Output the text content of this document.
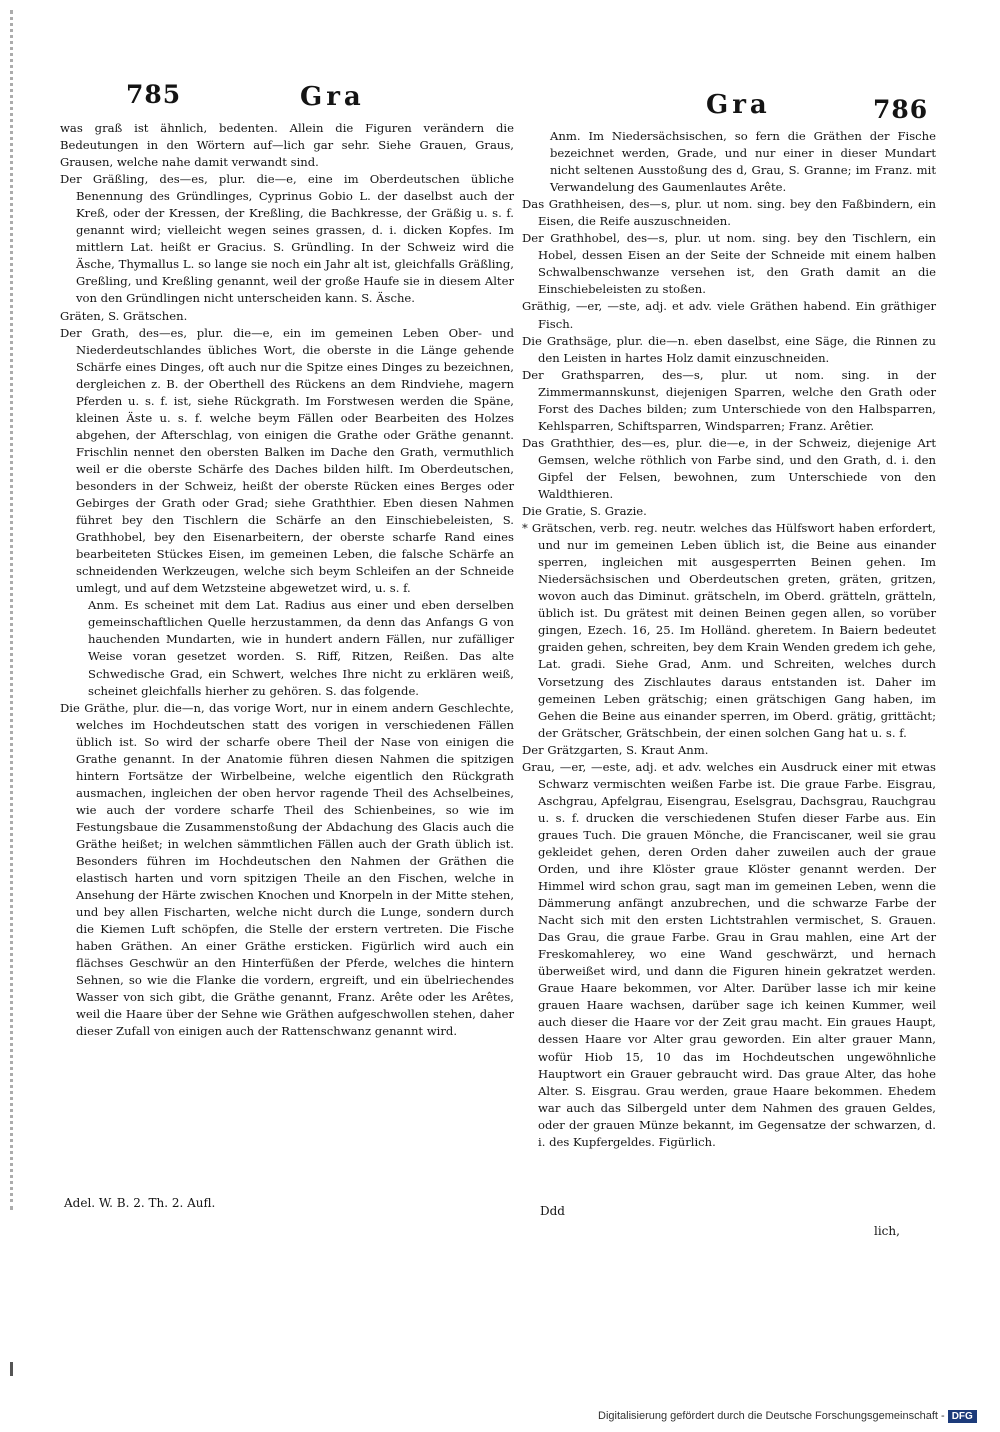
785	Gra	Gra	786

was graß ist ähnlich, bedenten. Allein die Figuren verändern die Bedeutungen in den Wörtern auf—lich gar sehr. Siehe Grauen, Graus, Grausen, welche nahe damit verwandt sind.

Der Gräßling, des—es, plur. die—e, eine im Oberdeutschen übliche Benennung des Gründlinges, Cyprinus Gobio L. der daselbst auch der Kreß, oder der Kressen, der Kreßling, die Bachkresse, der Gräßig u. s. f. genannt wird; vielleicht wegen seines grassen, d. i. dicken Kopfes. Im mittlern Lat. heißt er Gracius. S. Gründling. In der Schweiz wird die Äsche, Thymallus L. so lange sie noch ein Jahr alt ist, gleichfalls Gräßling, Greßling, und Kreßling genannt, weil der große Haufe sie in diesem Alter von den Gründlingen nicht unterscheiden kann. S. Äsche.

Gräten, S. Grätschen.

Der Grath, des—es, plur. die—e, ein im gemeinen Leben Ober- und Niederdeutschlandes übliches Wort, die oberste in die Länge gehende Schärfe eines Dinges, oft auch nur die Spitze eines Dinges zu bezeichnen, dergleichen z. B. der Oberthell des Rückens an dem Rindviehe, magern Pferden u. s. f. ist, siehe Rückgrath. Im Forstwesen werden die Späne, kleinen Äste u. s. f. welche beym Fällen oder Bearbeiten des Holzes abgehen, der Afterschlag, von einigen die Grathe oder Gräthe genannt. Frischlin nennet den obersten Balken im Dache den Grath, vermuthlich weil er die oberste Schärfe des Daches bilden hilft. Im Oberdeutschen, besonders in der Schweiz, heißt der oberste Rücken eines Berges oder Gebirges der Grath oder Grad; siehe Graththier. Eben diesen Nahmen führet bey den Tischlern die Schärfe an den Einschiebeleisten, S. Grathhobel, bey den Eisenarbeitern, der oberste scharfe Rand eines bearbeiteten Stückes Eisen, im gemeinen Leben, die falsche Schärfe an schneidenden Werkzeugen, welche sich beym Schleifen an der Schneide umlegt, und auf dem Wetzsteine abgewetzet wird, u. s. f.

Anm. Es scheinet mit dem Lat. Radius aus einer und eben derselben gemeinschaftlichen Quelle herzustammen, da denn das Anfangs G von hauchenden Mundarten, wie in hundert andern Fällen, nur zufälliger Weise voran gesetzet worden. S. Riff, Ritzen, Reißen. Das alte Schwedische Grad, ein Schwert, welches Ihre nicht zu erklären weiß, scheinet gleichfalls hierher zu gehören. S. das folgende.

Die Gräthe, plur. die—n, das vorige Wort, nur in einem andern Geschlechte, welches im Hochdeutschen statt des vorigen in verschiedenen Fällen üblich ist. So wird der scharfe obere Theil der Nase von einigen die Grathe genannt. In der Anatomie führen diesen Nahmen die spitzigen hintern Fortsätze der Wirbelbeine, welche eigentlich den Rückgrath ausmachen, ingleichen der oben hervor ragende Theil des Achselbeines, wie auch der vordere scharfe Theil des Schienbeines, so wie im Festungsbaue die Zusammenstoßung der Abdachung des Glacis auch die Gräthe heißet; in welchen sämmtlichen Fällen auch der Grath üblich ist. Besonders führen im Hochdeutschen den Nahmen der Gräthen die elastisch harten und vorn spitzigen Theile an den Fischen, welche in Ansehung der Härte zwischen Knochen und Knorpeln in der Mitte stehen, und bey allen Fischarten, welche nicht durch die Lunge, sondern durch die Kiemen Luft schöpfen, die Stelle der erstern vertreten. Die Fische haben Gräthen. An einer Gräthe ersticken. Figürlich wird auch ein flächses Geschwür an den Hinterfüßen der Pferde, welches die hintern Sehnen, so wie die Flanke die vordern, ergreift, und ein übelriechendes Wasser von sich gibt, die Gräthe genannt, Franz. Arête oder les Arêtes, weil die Haare über der Sehne wie Gräthen aufgeschwollen stehen, daher dieser Zufall von einigen auch der Rattenschwanz genannt wird.

Adel. W. B. 2. Th. 2. Aufl.

Anm. Im Niedersächsischen, so fern die Gräthen der Fische bezeichnet werden, Grade, und nur einer in dieser Mundart nicht seltenen Ausstoßung des d, Grau, S. Granne; im Franz. mit Verwandelung des Gaumenlautes Arête.

Das Grathheisen, des—s, plur. ut nom. sing. bey den Faßbindern, ein Eisen, die Reife auszuschneiden.

Der Grathhobel, des—s, plur. ut nom. sing. bey den Tischlern, ein Hobel, dessen Eisen an der Seite der Schneide mit einem halben Schwalbenschwanze versehen ist, den Grath damit an die Einschiebeleisten zu stoßen.

Gräthig, —er, —ste, adj. et adv. viele Gräthen habend. Ein gräthiger Fisch.

Die Grathsäge, plur. die—n. eben daselbst, eine Säge, die Rinnen zu den Leisten in hartes Holz damit einzuschneiden.

Der Grathsparren, des—s, plur. ut nom. sing. in der Zimmermannskunst, diejenigen Sparren, welche den Grath oder Forst des Daches bilden; zum Unterschiede von den Halbsparren, Kehlsparren, Schiftsparren, Windsparren; Franz. Arêtier.

Das Graththier, des—es, plur. die—e, in der Schweiz, diejenige Art Gemsen, welche röthlich von Farbe sind, und den Grath, d. i. den Gipfel der Felsen, bewohnen, zum Unterschiede von den Waldthieren.

Die Gratie, S. Grazie.

* Grätschen, verb. reg. neutr. welches das Hülfswort haben erfordert, und nur im gemeinen Leben üblich ist, die Beine aus einander sperren, ingleichen mit ausgesperrten Beinen gehen. Im Niedersächsischen und Oberdeutschen greten, gräten, gritzen, wovon auch das Diminut. grätscheln, im Oberd. grätteln, grätteln, üblich ist. Du grätest mit deinen Beinen gegen allen, so vorüber gingen, Ezech. 16, 25. Im Holländ. gheretem. In Baiern bedeutet graiden gehen, schreiten, bey dem Krain Wenden gredem ich gehe, Lat. gradi. Siehe Grad, Anm. und Schreiten, welches durch Vorsetzung des Zischlautes daraus entstanden ist. Daher im gemeinen Leben grätschig; einen grätschigen Gang haben, im Gehen die Beine aus einander sperren, im Oberd. grätig, grittächt; der Grätscher, Grätschbein, der einen solchen Gang hat u. s. f.

Der Grätzgarten, S. Kraut Anm.

Grau, —er, —este, adj. et adv. welches ein Ausdruck einer mit etwas Schwarz vermischten weißen Farbe ist. Die graue Farbe. Eisgrau, Aschgrau, Apfelgrau, Eisengrau, Eselsgrau, Dachsgrau, Rauchgrau u. s. f. drucken die verschiedenen Stufen dieser Farbe aus. Ein graues Tuch. Die grauen Mönche, die Franciscaner, weil sie grau gekleidet gehen, deren Orden daher zuweilen auch der graue Orden, und ihre Klöster graue Klöster genannt werden. Der Himmel wird schon grau, sagt man im gemeinen Leben, wenn die Dämmerung anfängt anzubrechen, und die schwarze Farbe der Nacht sich mit den ersten Lichtstrahlen vermischet, S. Grauen. Das Grau, die graue Farbe. Grau in Grau mahlen, eine Art der Freskomahlerey, wo eine Wand geschwärzt, und hernach überweißet wird, und dann die Figuren hinein gekratzet werden. Graue Haare bekommen, vor Alter. Darüber lasse ich mir keine grauen Haare wachsen, darüber sage ich keinen Kummer, weil auch dieser die Haare vor der Zeit grau macht. Ein graues Haupt, dessen Haare vor Alter grau geworden. Ein alter grauer Mann, wofür Hiob 15, 10 das im Hochdeutschen ungewöhnliche Hauptwort ein Grauer gebraucht wird. Das graue Alter, das hohe Alter. S. Eisgrau. Grau werden, graue Haare bekommen. Ehedem war auch das Silbergeld unter dem Nahmen des grauen Geldes, oder der grauen Münze bekannt, im Gegensatze der schwarzen, d. i. des Kupfergeldes. Figürlich.

Ddd
lich,
Digitalisierung gefördert durch die Deutsche Forschungsgemeinschaft - DFG
